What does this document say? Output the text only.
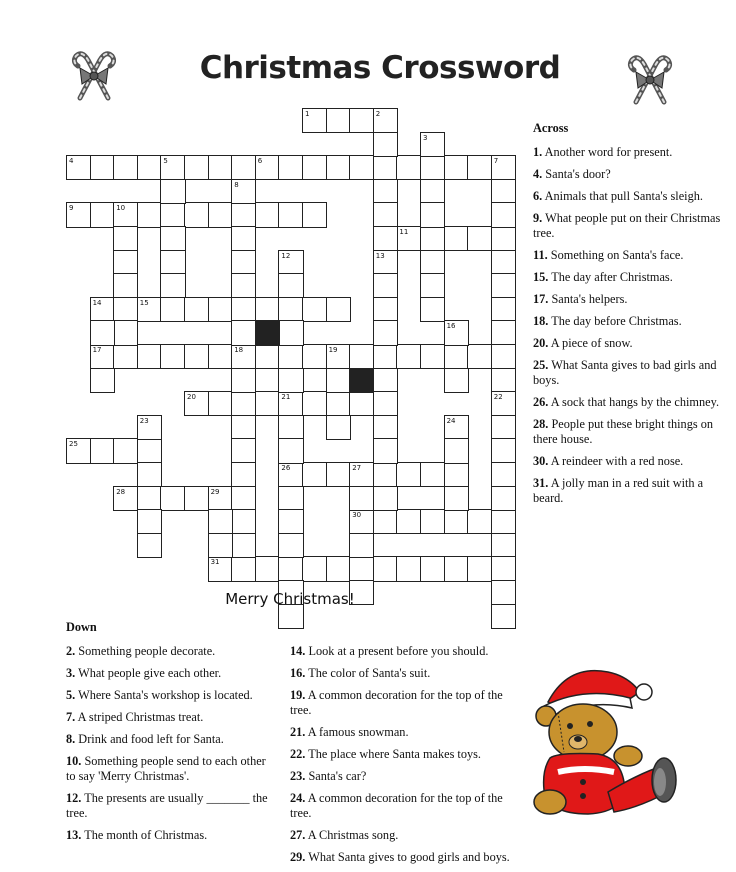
Christmas Crossword
1	2
3
4	5	6	7
8
9	10
11
12	13
14	15
16
17	18	19
20	21	22
23	24
25
26	27
28	29
30
31
Merry Christmas!
Across
1. Another word for present.
4. Santa's door?
6. Animals that pull Santa's sleigh.
9. What people put on their Christmas tree.
11. Something on Santa's face.
15. The day after Christmas.
17. Santa's helpers.
18. The day before Christmas.
20. A piece of snow.
25. What Santa gives to bad girls and boys.
26. A sock that hangs by the chimney.
28. People put these bright things on there house.
30. A reindeer with a red nose.
31. A jolly man in a red suit with a beard.
Down
2. Something people decorate.
3. What people give each other.
5. Where Santa's workshop is located.
7. A striped Christmas treat.
8. Drink and food left for Santa.
10. Something people send to each other to say 'Merry Christmas'.
12. The presents are usually _______ the tree.
13. The month of Christmas.
14. Look at a present before you should.
16. The color of Santa's suit.
19. A common decoration for the top of the tree.
21. A famous snowman.
22. The place where Santa makes toys.
23. Santa's car?
24. A common decoration for the top of the tree.
27. A Christmas song.
29. What Santa gives to good girls and boys.
